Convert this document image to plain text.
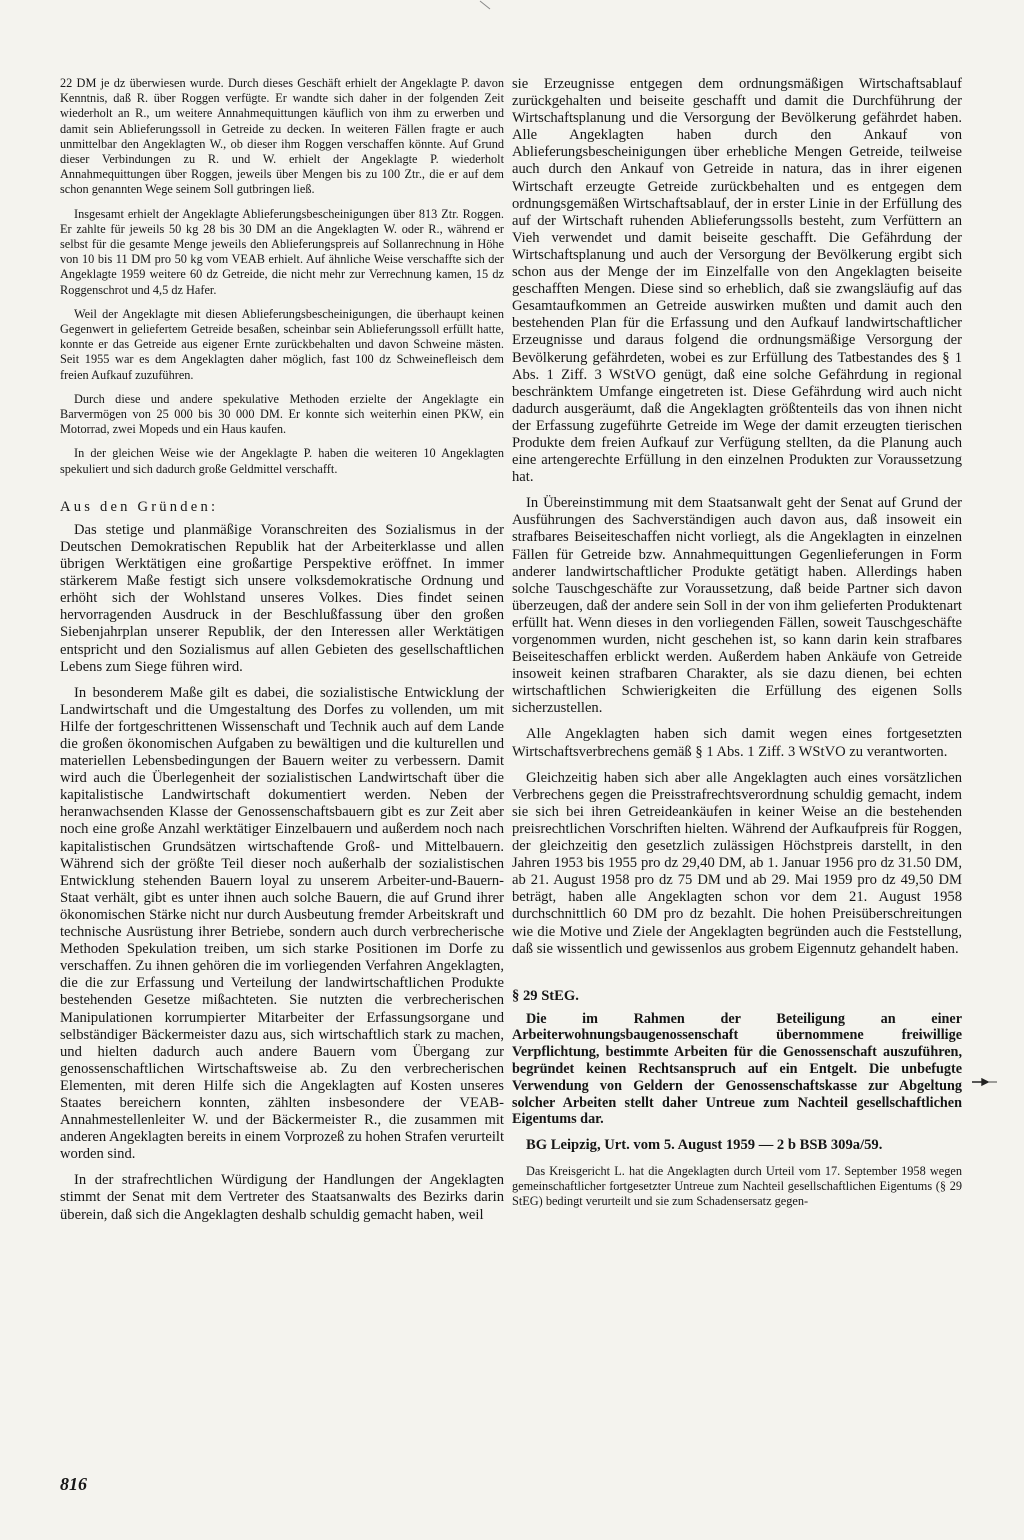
22 DM je dz überwiesen wurde. Durch dieses Geschäft erhielt der Angeklagte P. davon Kenntnis, daß R. über Roggen verfügte. Er wandte sich daher in der folgenden Zeit wiederholt an R., um weitere Annahmequittungen käuflich von ihm zu erwerben und damit sein Ablieferungssoll in Getreide zu decken. In weiteren Fällen fragte er auch unmittelbar den Angeklagten W., ob dieser ihm Roggen verschaffen könnte. Auf Grund dieser Verbindungen zu R. und W. erhielt der Angeklagte P. wiederholt Annahmequittungen über Roggen, jeweils über Mengen bis zu 100 Ztr., die er auf dem schon genannten Wege seinem Soll gutbringen ließ.

Insgesamt erhielt der Angeklagte Ablieferungsbescheinigungen über 813 Ztr. Roggen. Er zahlte für jeweils 50 kg 28 bis 30 DM an die Angeklagten W. oder R., während er selbst für die gesamte Menge jeweils den Ablieferungspreis auf Sollanrechnung in Höhe von 10 bis 11 DM pro 50 kg vom VEAB erhielt. Auf ähnliche Weise verschaffte sich der Angeklagte 1959 weitere 60 dz Getreide, die nicht mehr zur Verrechnung kamen, 15 dz Roggenschrot und 4,5 dz Hafer.

Weil der Angeklagte mit diesen Ablieferungsbescheinigungen, die überhaupt keinen Gegenwert in geliefertem Getreide besaßen, scheinbar sein Ablieferungssoll erfüllt hatte, konnte er das Getreide aus eigener Ernte zurückbehalten und davon Schweine mästen. Seit 1955 war es dem Angeklagten daher möglich, fast 100 dz Schweinefleisch dem freien Aufkauf zuzuführen.

Durch diese und andere spekulative Methoden erzielte der Angeklagte ein Barvermögen von 25 000 bis 30 000 DM. Er konnte sich weiterhin einen PKW, ein Motorrad, zwei Mopeds und ein Haus kaufen.

In der gleichen Weise wie der Angeklagte P. haben die weiteren 10 Angeklagten spekuliert und sich dadurch große Geldmittel verschafft.

Aus den Gründen:

Das stetige und planmäßige Voranschreiten des Sozialismus in der Deutschen Demokratischen Republik hat der Arbeiterklasse und allen übrigen Werktätigen eine großartige Perspektive eröffnet. In immer stärkerem Maße festigt sich unsere volksdemokratische Ordnung und erhöht sich der Wohlstand unseres Volkes. Dies findet seinen hervorragenden Ausdruck in der Beschlußfassung über den großen Siebenjahrplan unserer Republik, der den Interessen aller Werktätigen entspricht und den Sozialismus auf allen Gebieten des gesellschaftlichen Lebens zum Siege führen wird.

In besonderem Maße gilt es dabei, die sozialistische Entwicklung der Landwirtschaft und die Umgestaltung des Dorfes zu vollenden, um mit Hilfe der fortgeschrittenen Wissenschaft und Technik auch auf dem Lande die großen ökonomischen Aufgaben zu bewältigen und die kulturellen und materiellen Lebensbedingungen der Bauern weiter zu verbessern. Damit wird auch die Überlegenheit der sozialistischen Landwirtschaft über die kapitalistische Landwirtschaft dokumentiert werden. Neben der heranwachsenden Klasse der Genossenschaftsbauern gibt es zur Zeit aber noch eine große Anzahl werktätiger Einzelbauern und außerdem noch nach kapitalistischen Grundsätzen wirtschaftende Groß- und Mittelbauern. Während sich der größte Teil dieser noch außerhalb der sozialistischen Entwicklung stehenden Bauern loyal zu unserem Arbeiter-und-Bauern-Staat verhält, gibt es unter ihnen auch solche Bauern, die auf Grund ihrer ökonomischen Stärke nicht nur durch Ausbeutung fremder Arbeitskraft und technische Ausrüstung ihrer Betriebe, sondern auch durch verbrecherische Methoden Spekulation treiben, um sich starke Positionen im Dorfe zu verschaffen. Zu ihnen gehören die im vorliegenden Verfahren Angeklagten, die die zur Erfassung und Verteilung der landwirtschaftlichen Produkte bestehenden Gesetze mißachteten. Sie nutzten die verbrecherischen Manipulationen korrumpierter Mitarbeiter der Erfassungsorgane und selbständiger Bäckermeister dazu aus, sich wirtschaftlich stark zu machen, und hielten dadurch auch andere Bauern vom Übergang zur genossenschaftlichen Wirtschaftsweise ab. Zu den verbrecherischen Elementen, mit deren Hilfe sich die Angeklagten auf Kosten unseres Staates bereichern konnten, zählten insbesondere der VEAB-Annahmestellenleiter W. und der Bäckermeister R., die zusammen mit anderen Angeklagten bereits in einem Vorprozeß zu hohen Strafen verurteilt worden sind.

In der strafrechtlichen Würdigung der Handlungen der Angeklagten stimmt der Senat mit dem Vertreter des Staatsanwalts des Bezirks darin überein, daß sich die Angeklagten deshalb schuldig gemacht haben, weil

sie Erzeugnisse entgegen dem ordnungsmäßigen Wirtschaftsablauf zurückgehalten und beiseite geschafft und damit die Durchführung der Wirtschaftsplanung und die Versorgung der Bevölkerung gefährdet haben. Alle Angeklagten haben durch den Ankauf von Ablieferungsbescheinigungen über erhebliche Mengen Getreide, teilweise auch durch den Ankauf von Getreide in natura, das in ihrer eigenen Wirtschaft erzeugte Getreide zurückbehalten und es entgegen dem ordnungsgemäßen Wirtschaftsablauf, der in erster Linie in der Erfüllung des auf der Wirtschaft ruhenden Ablieferungssolls besteht, zum Verfüttern an Vieh verwendet und damit beiseite geschafft. Die Gefährdung der Wirtschaftsplanung und auch der Versorgung der Bevölkerung ergibt sich schon aus der Menge der im Einzelfalle von den Angeklagten beiseite geschafften Mengen. Diese sind so erheblich, daß sie zwangsläufig auf das Gesamtaufkommen an Getreide auswirken mußten und damit auch den bestehenden Plan für die Erfassung und den Aufkauf landwirtschaftlicher Erzeugnisse und daraus folgend die ordnungsmäßige Versorgung der Bevölkerung gefährdeten, wobei es zur Erfüllung des Tatbestandes des § 1 Abs. 1 Ziff. 3 WStVO genügt, daß eine solche Gefährdung in regional beschränktem Umfange eingetreten ist. Diese Gefährdung wird auch nicht dadurch ausgeräumt, daß die Angeklagten größtenteils das von ihnen nicht der Erfassung zugeführte Getreide im Wege der damit erzeugten tierischen Produkte dem freien Aufkauf zur Verfügung stellten, da die Planung auch eine artengerechte Erfüllung in den einzelnen Produkten zur Voraussetzung hat.

In Übereinstimmung mit dem Staatsanwalt geht der Senat auf Grund der Ausführungen des Sachverständigen auch davon aus, daß insoweit ein strafbares Beiseiteschaffen nicht vorliegt, als die Angeklagten in einzelnen Fällen für Getreide bzw. Annahmequittungen Gegenlieferungen in Form anderer landwirtschaftlicher Produkte getätigt haben. Allerdings haben solche Tauschgeschäfte zur Voraussetzung, daß beide Partner sich davon überzeugen, daß der andere sein Soll in der von ihm gelieferten Produktenart erfüllt hat. Wenn dieses in den vorliegenden Fällen, soweit Tauschgeschäfte vorgenommen wurden, nicht geschehen ist, so kann darin kein strafbares Beiseiteschaffen erblickt werden. Außerdem haben Ankäufe von Getreide insoweit keinen strafbaren Charakter, als sie dazu dienen, bei echten wirtschaftlichen Schwierigkeiten die Erfüllung des eigenen Solls sicherzustellen.

Alle Angeklagten haben sich damit wegen eines fortgesetzten Wirtschaftsverbrechens gemäß § 1 Abs. 1 Ziff. 3 WStVO zu verantworten.

Gleichzeitig haben sich aber alle Angeklagten auch eines vorsätzlichen Verbrechens gegen die Preisstrafrechtsverordnung schuldig gemacht, indem sie sich bei ihren Getreideankäufen in keiner Weise an die bestehenden preisrechtlichen Vorschriften hielten. Während der Aufkaufpreis für Roggen, der gleichzeitig den gesetzlich zulässigen Höchstpreis darstellt, in den Jahren 1953 bis 1955 pro dz 29,40 DM, ab 1. Januar 1956 pro dz 31.50 DM, ab 21. August 1958 pro dz 75 DM und ab 29. Mai 1959 pro dz 49,50 DM beträgt, haben alle Angeklagten schon vor dem 21. August 1958 durchschnittlich 60 DM pro dz bezahlt. Die hohen Preisüberschreitungen wie die Motive und Ziele der Angeklagten begründen auch die Feststellung, daß sie wissentlich und gewissenlos aus grobem Eigennutz gehandelt haben.

§ 29 StEG.

Die im Rahmen der Beteiligung an einer Arbeiterwohnungsbaugenossenschaft übernommene freiwillige Verpflichtung, bestimmte Arbeiten für die Genossenschaft auszuführen, begründet keinen Rechtsanspruch auf ein Entgelt. Die unbefugte Verwendung von Geldern der Genossenschaftskasse zur Abgeltung solcher Arbeiten stellt daher Untreue zum Nachteil gesellschaftlichen Eigentums dar.

BG Leipzig, Urt. vom 5. August 1959 — 2 b BSB 309a/59.

Das Kreisgericht L. hat die Angeklagten durch Urteil vom 17. September 1958 wegen gemeinschaftlicher fortgesetzter Untreue zum Nachteil gesellschaftlichen Eigentums (§ 29 StEG) bedingt verurteilt und sie zum Schadensersatz gegen-

816
